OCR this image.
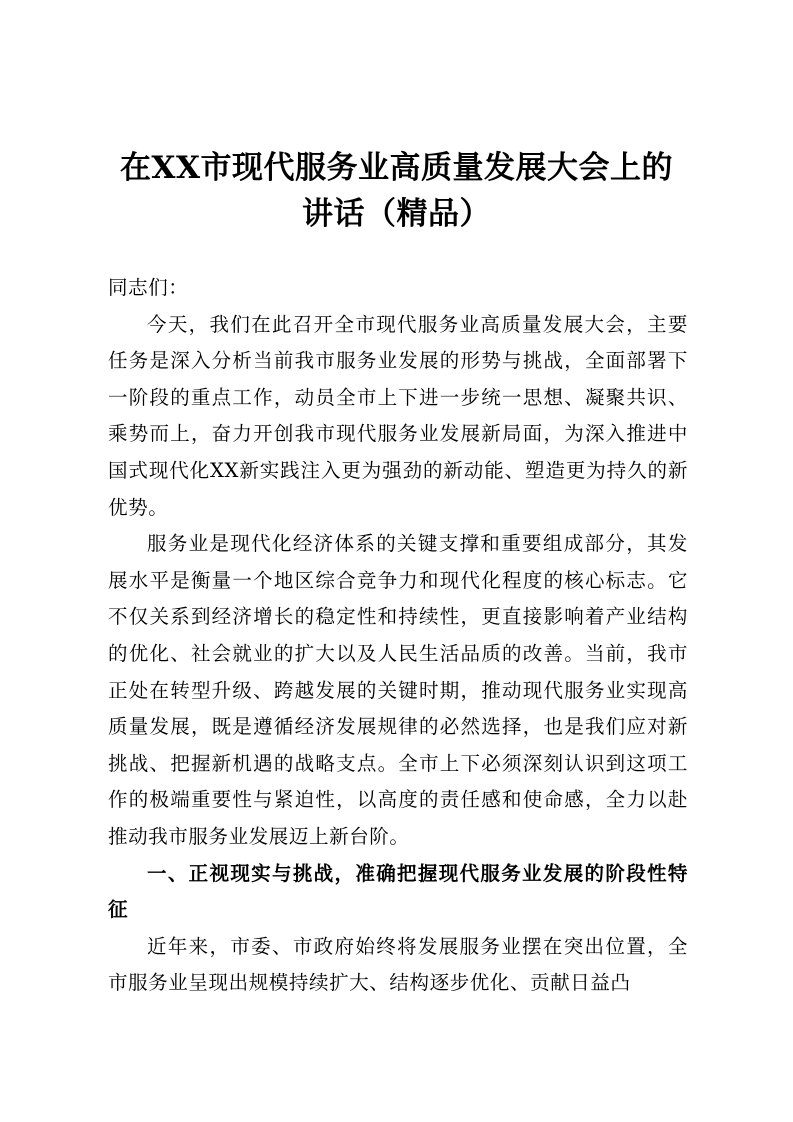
在XX市现代服务业高质量发展大会上的
讲话（精品）

同志们：

今天，我们在此召开全市现代服务业高质量发展大会，主要任务是深入分析当前我市服务业发展的形势与挑战，全面部署下一阶段的重点工作，动员全市上下进一步统一思想、凝聚共识、乘势而上，奋力开创我市现代服务业发展新局面，为深入推进中国式现代化XX新实践注入更为强劲的新动能、塑造更为持久的新优势。

服务业是现代化经济体系的关键支撑和重要组成部分，其发展水平是衡量一个地区综合竞争力和现代化程度的核心标志。它不仅关系到经济增长的稳定性和持续性，更直接影响着产业结构的优化、社会就业的扩大以及人民生活品质的改善。当前，我市正处在转型升级、跨越发展的关键时期，推动现代服务业实现高质量发展，既是遵循经济发展规律的必然选择，也是我们应对新挑战、把握新机遇的战略支点。全市上下必须深刻认识到这项工作的极端重要性与紧迫性，以高度的责任感和使命感，全力以赴推动我市服务业发展迈上新台阶。

一、正视现实与挑战，准确把握现代服务业发展的阶段性特征

近年来，市委、市政府始终将发展服务业摆在突出位置，全市服务业呈现出规模持续扩大、结构逐步优化、贡献日益凸
